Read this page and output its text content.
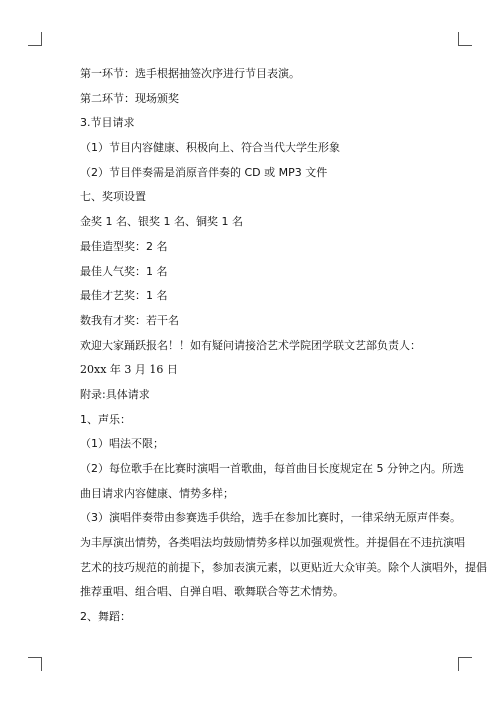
第一环节：选手根据抽签次序进行节目表演。
第二环节：现场颁奖
3.节目请求
（1）节目内容健康、积极向上、符合当代大学生形象
（2）节目伴奏需是消原音伴奏的 CD 或 MP3 文件
七、奖项设置
金奖 1 名、银奖 1 名、铜奖 1 名
最佳造型奖：2 名
最佳人气奖：1 名
最佳才艺奖：1 名
数我有才奖：若干名
欢迎大家踊跃报名！！如有疑问请接洽艺术学院团学联文艺部负责人：
20xx 年 3 月 16 日
附录:具体请求
1、声乐：
（1）唱法不限；
（2）每位歌手在比赛时演唱一首歌曲，每首曲目长度规定在 5 分钟之内。所选
曲目请求内容健康、情势多样；
（3）演唱伴奏带由参赛选手供给，选手在参加比赛时，一律采纳无原声伴奏。
为丰厚演出情势，各类唱法均鼓励情势多样以加强观赏性。并提倡在不违抗演唱
艺术的技巧规范的前提下，参加表演元素，以更贴近大众审美。除个人演唱外，提倡
推荐重唱、组合唱、自弹自唱、歌舞联合等艺术情势。
2、舞蹈：
